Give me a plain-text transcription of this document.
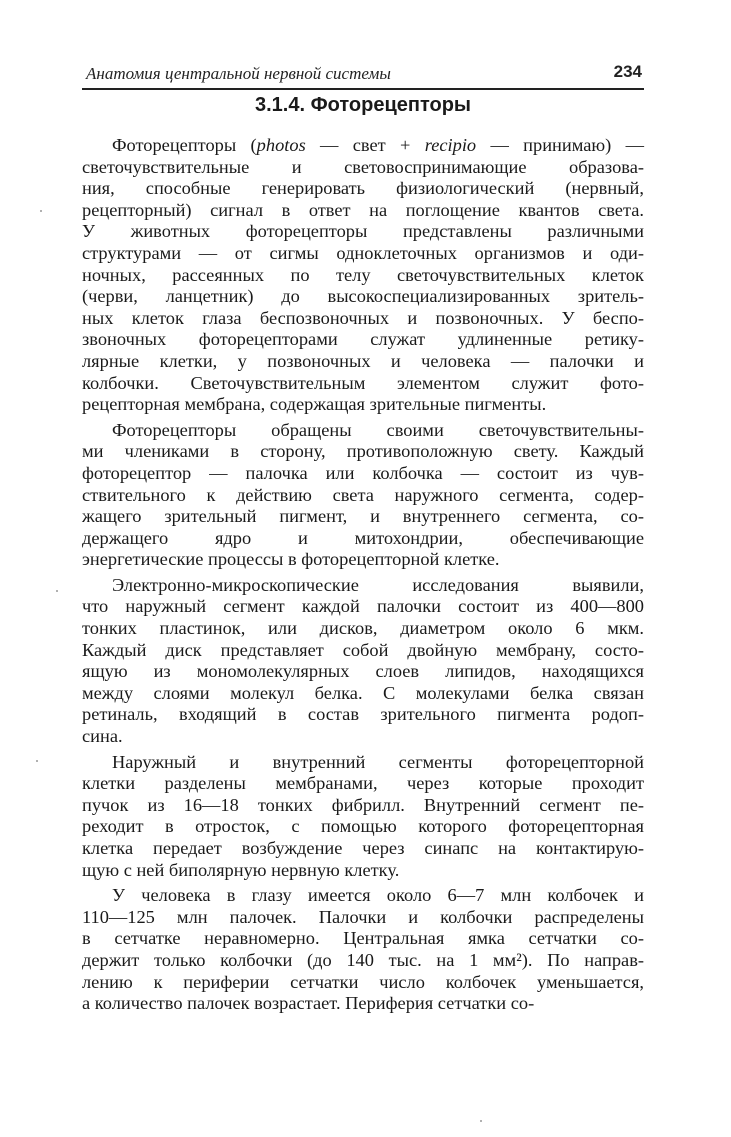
Анатомия центральной нервной системы	234
3.1.4. Фоторецепторы
Фоторецепторы (photos — свет + recipio — принимаю) —
светочувствительные и световоспринимающие образова-
ния, способные генерировать физиологический (нервный,
рецепторный) сигнал в ответ на поглощение квантов света.
У животных фоторецепторы представлены различными
структурами — от сигмы одноклеточных организмов и оди-
ночных, рассеянных по телу светочувствительных клеток
(черви, ланцетник) до высокоспециализированных зритель-
ных клеток глаза беспозвоночных и позвоночных. У беспо-
звоночных фоторецепторами служат удлиненные ретику-
лярные клетки, у позвоночных и человека — палочки и
колбочки. Светочувствительным элементом служит фото-
рецепторная мембрана, содержащая зрительные пигменты.
Фоторецепторы обращены своими светочувствительны-
ми члениками в сторону, противоположную свету. Каждый
фоторецептор — палочка или колбочка — состоит из чув-
ствительного к действию света наружного сегмента, содер-
жащего зрительный пигмент, и внутреннего сегмента, со-
держащего ядро и митохондрии, обеспечивающие
энергетические процессы в фоторецепторной клетке.
Электронно-микроскопические исследования выявили,
что наружный сегмент каждой палочки состоит из 400—800
тонких пластинок, или дисков, диаметром около 6 мкм.
Каждый диск представляет собой двойную мембрану, состо-
ящую из мономолекулярных слоев липидов, находящихся
между слоями молекул белка. С молекулами белка связан
ретиналь, входящий в состав зрительного пигмента родоп-
сина.
Наружный и внутренний сегменты фоторецепторной
клетки разделены мембранами, через которые проходит
пучок из 16—18 тонких фибрилл. Внутренний сегмент пе-
реходит в отросток, с помощью которого фоторецепторная
клетка передает возбуждение через синапс на контактирую-
щую с ней биполярную нервную клетку.
У человека в глазу имеется около 6—7 млн колбочек и
110—125 млн палочек. Палочки и колбочки распределены
в сетчатке неравномерно. Центральная ямка сетчатки со-
держит только колбочки (до 140 тыс. на 1 мм²). По направ-
лению к периферии сетчатки число колбочек уменьшается,
а количество палочек возрастает. Периферия сетчатки со-
